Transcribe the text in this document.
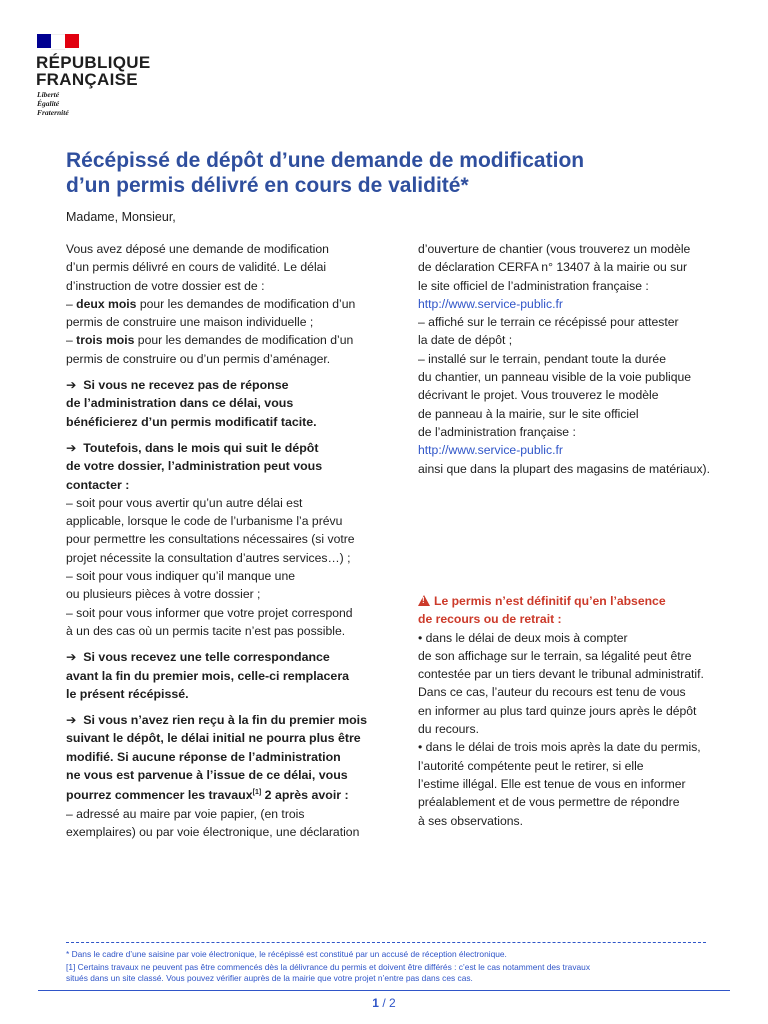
RÉPUBLIQUE
FRANÇAISE
Liberté
Égalité
Fraternité
Récépissé de dépôt d’une demande de modification
d’un permis délivré en cours de validité*
Madame, Monsieur,

Vous avez déposé une demande de modification

d’un permis délivré en cours de validité. Le délai

d’instruction de votre dossier est de :

– deux mois pour les demandes de modification d’un

permis de construire une maison individuelle ;

– trois mois pour les demandes de modification d’un

permis de construire ou d’un permis d’aménager.

➔ Si vous ne recevez pas de réponse

de l’administration dans ce délai, vous

bénéficierez d’un permis modificatif tacite.

➔ Toutefois, dans le mois qui suit le dépôt

de votre dossier, l’administration peut vous

contacter :

– soit pour vous avertir qu’un autre délai est

applicable, lorsque le code de l’urbanisme l’a prévu

pour permettre les consultations nécessaires (si votre

projet nécessite la consultation d’autres services…) ;

– soit pour vous indiquer qu’il manque une

ou plusieurs pièces à votre dossier ;

– soit pour vous informer que votre projet correspond

à un des cas où un permis tacite n’est pas possible.

➔ Si vous recevez une telle correspondance

avant la fin du premier mois, celle-ci remplacera

le présent récépissé.

➔ Si vous n’avez rien reçu à la fin du premier mois

suivant le dépôt, le délai initial ne pourra plus être

modifié. Si aucune réponse de l’administration

ne vous est parvenue à l’issue de ce délai, vous

pourrez commencer les travaux[1] 2 après avoir :

– adressé au maire par voie papier, (en trois

exemplaires) ou par voie électronique, une déclaration

d’ouverture de chantier (vous trouverez un modèle

de déclaration CERFA n° 13407 à la mairie ou sur

le site officiel de l’administration française :

http://www.service-public.fr

– affiché sur le terrain ce récépissé pour attester

la date de dépôt ;

– installé sur le terrain, pendant toute la durée

du chantier, un panneau visible de la voie publique

décrivant le projet. Vous trouverez le modèle

de panneau à la mairie, sur le site officiel

de l’administration française :

http://www.service-public.fr

ainsi que dans la plupart des magasins de matériaux).

!Le permis n’est définitif qu’en l’absence

de recours ou de retrait :

• dans le délai de deux mois à compter

de son affichage sur le terrain, sa légalité peut être

contestée par un tiers devant le tribunal administratif.

Dans ce cas, l’auteur du recours est tenu de vous

en informer au plus tard quinze jours après le dépôt

du recours.

• dans le délai de trois mois après la date du permis,

l’autorité compétente peut le retirer, si elle

l’estime illégal. Elle est tenue de vous en informer

préalablement et de vous permettre de répondre

à ses observations.

* Dans le cadre d’une saisine par voie électronique, le récépissé est constitué par un accusé de réception électronique.
[1] Certains travaux ne peuvent pas être commencés dès la délivrance du permis et doivent être différés : c’est le cas notamment des travaux
situés dans un site classé. Vous pouvez vérifier auprès de la mairie que votre projet n’entre pas dans ces cas.
1 / 2
